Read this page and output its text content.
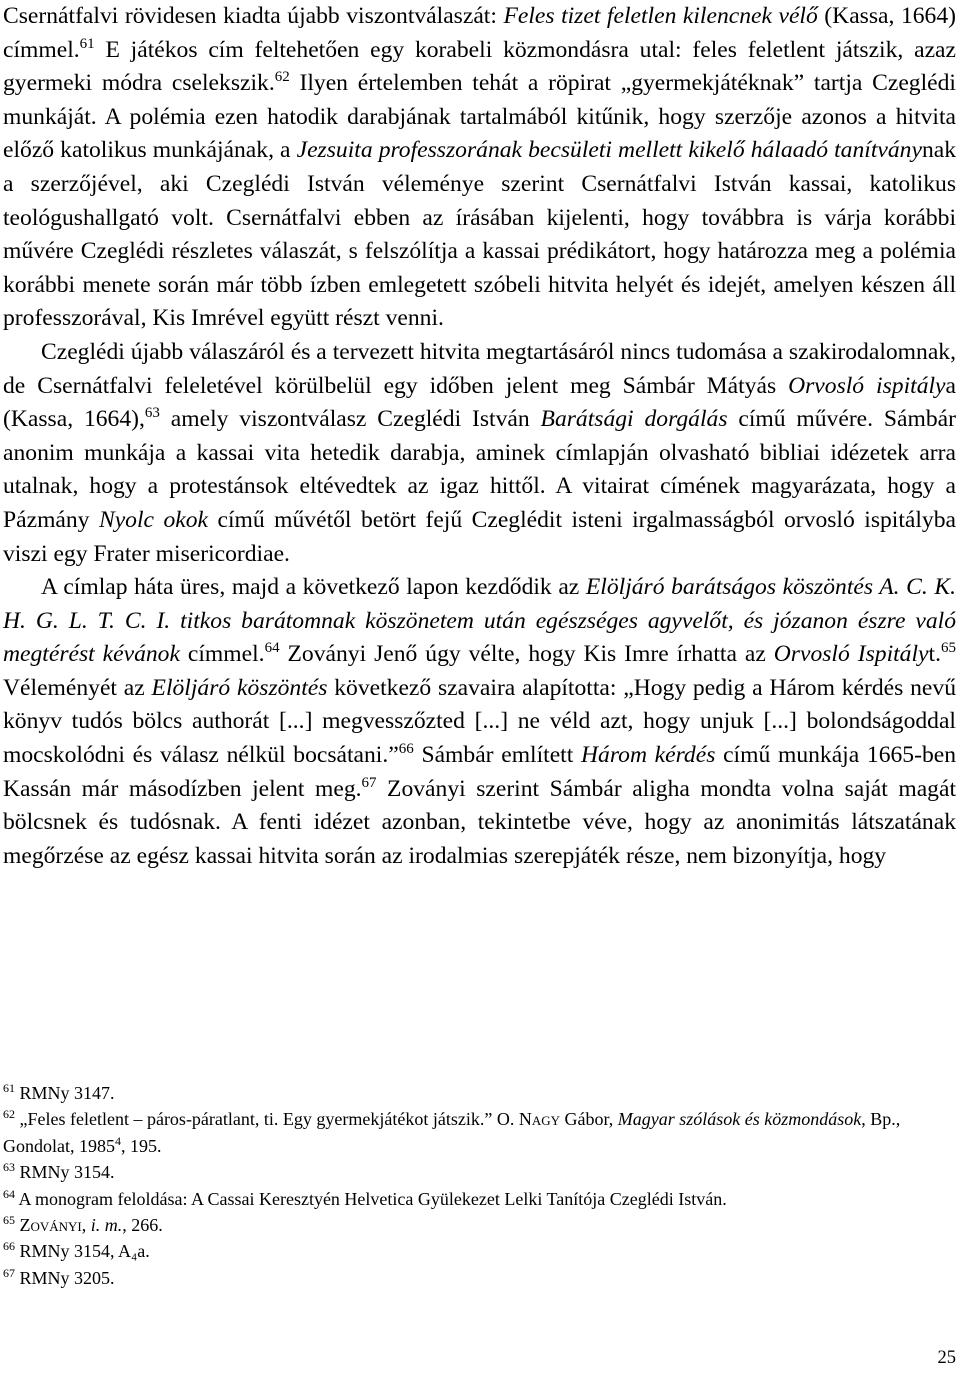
Csernátfalvi rövidesen kiadta újabb viszontválaszát: Feles tizet feletlen kilencnek vélő (Kassa, 1664) címmel.$^{61}$ E játékos cím feltehetően egy korabeli közmondásra utal: feles feletlent játszik, azaz gyermeki módra cselekszik.$^{62}$ Ilyen értelemben tehát a röpirat „gyermekjátéknak” tartja Czeglédi munkáját. A polémia ezen hatodik darabjának tartalmából kitűnik, hogy szerzője azonos a hitvita előző katolikus munkájának, a Jezsuita professzorának becsületi mellett kikelő hálaadó tanítványnak a szerzőjével, aki Czeglédi István véleménye szerint Csernátfalvi István kassai, katolikus teológushallgató volt. Csernátfalvi ebben az írásában kijelenti, hogy továbbra is várja korábbi művére Czeglédi részletes válaszát, s felszólítja a kassai prédikátort, hogy határozza meg a polémia korábbi menete során már több ízben emlegetett szóbeli hitvita helyét és idejét, amelyen készen áll professzorával, Kis Imrével együtt részt venni.

Czeglédi újabb válaszáról és a tervezett hitvita megtartásáról nincs tudomása a szakirodalomnak, de Csernátfalvi feleletével körülbelül egy időben jelent meg Sámbár Mátyás Orvosló ispitálya (Kassa, 1664),$^{63}$ amely viszontválasz Czeglédi István Barátsági dorgálás című művére. Sámbár anonim munkája a kassai vita hetedik darabja, aminek címlapján olvasható bibliai idézetek arra utalnak, hogy a protestánsok eltévedtek az igaz hittől. A vitairat címének magyarázata, hogy a Pázmány Nyolc okok című művétől betört fejű Czeglédit isteni irgalmasságból orvosló ispitályba viszi egy Frater misericordiae.

A címlap háta üres, majd a következő lapon kezdődik az Elöljáró barátságos köszöntés A. C. K. H. G. L. T. C. I. titkos barátomnak köszönetem után egészséges agyvelőt, és józanon észre való megtérést kévánok címmel.$^{64}$ Zoványi Jenő úgy vélte, hogy Kis Imre írhatta az Orvosló Ispitályt.$^{65}$ Véleményét az Elöljáró köszöntés következő szavaira alapította: „Hogy pedig a Három kérdés nevű könyv tudós bölcs authorát [...] megvesszőzted [...] ne véld azt, hogy unjuk [...] bolondságoddal mocskolódni és válasz nélkül bocsátani.”$^{66}$ Sámbár említett Három kérdés című munkája 1665-ben Kassán már másodízben jelent meg.$^{67}$ Zoványi szerint Sámbár aligha mondta volna saját magát bölcsnek és tudósnak. A fenti idézet azonban, tekintetbe véve, hogy az anonimitás látszatának megőrzése az egész kassai hitvita során az irodalmias szerepjáték része, nem bizonyítja, hogy

$^{61}$ RMNy 3147.

$^{62}$ „Feles feletlent – páros-páratlant, ti. Egy gyermekjátékot játszik.” O. Nagy Gábor, Magyar szólások és közmondások, Bp., Gondolat, 1985$^4$, 195.

$^{63}$ RMNy 3154.

$^{64}$ A monogram feloldása: A Cassai Keresztyén Helvetica Gyülekezet Lelki Tanítója Czeglédi István.

$^{65}$ Zoványi, i. m., 266.

$^{66}$ RMNy 3154, A₄a.

$^{67}$ RMNy 3205.

25
